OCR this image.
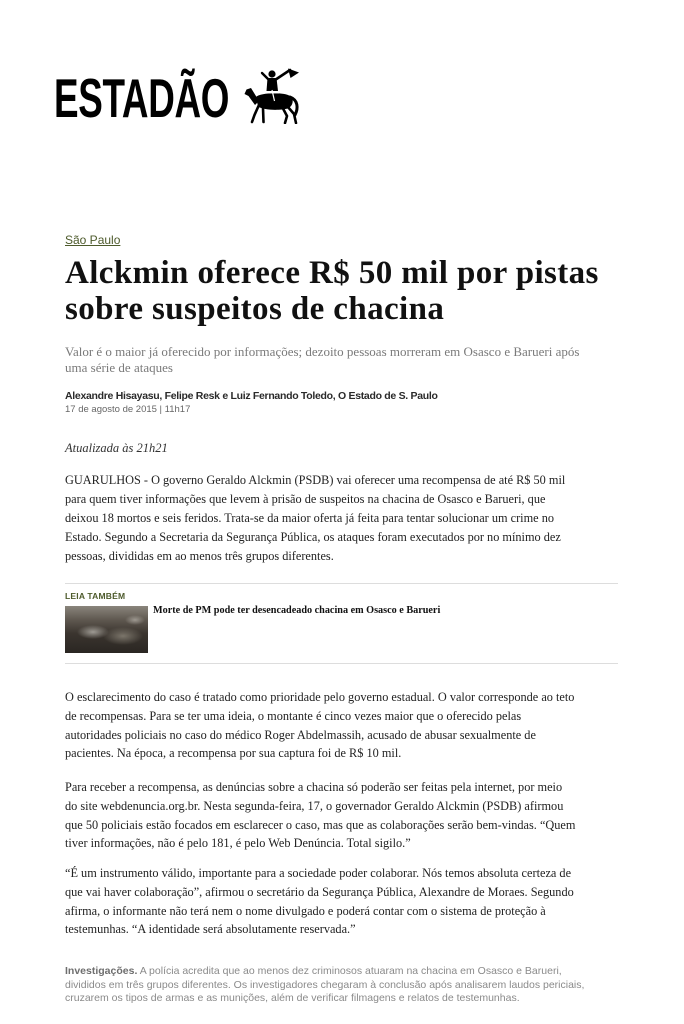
ESTADÃO
São Paulo
Alckmin oferece R$ 50 mil por pistas
sobre suspeitos de chacina
Valor é o maior já oferecido por informações; dezoito pessoas morreram em Osasco e Barueri após
uma série de ataques
Alexandre Hisayasu, Felipe Resk e Luiz Fernando Toledo, O Estado de S. Paulo
17 de agosto de 2015 | 11h17
Atualizada às 21h21
GUARULHOS - O governo Geraldo Alckmin (PSDB) vai oferecer uma recompensa de até R$ 50 mil
para quem tiver informações que levem à prisão de suspeitos na chacina de Osasco e Barueri, que
deixou 18 mortos e seis feridos. Trata-se da maior oferta já feita para tentar solucionar um crime no
Estado. Segundo a Secretaria da Segurança Pública, os ataques foram executados por no mínimo dez
pessoas, divididas em ao menos três grupos diferentes.
LEIA TAMBÉM
Morte de PM pode ter desencadeado chacina em Osasco e Barueri
O esclarecimento do caso é tratado como prioridade pelo governo estadual. O valor corresponde ao teto
de recompensas. Para se ter uma ideia, o montante é cinco vezes maior que o oferecido pelas
autoridades policiais no caso do médico Roger Abdelmassih, acusado de abusar sexualmente de
pacientes. Na época, a recompensa por sua captura foi de R$ 10 mil.
Para receber a recompensa, as denúncias sobre a chacina só poderão ser feitas pela internet, por meio
do site webdenuncia.org.br. Nesta segunda-feira, 17, o governador Geraldo Alckmin (PSDB) afirmou
que 50 policiais estão focados em esclarecer o caso, mas que as colaborações serão bem-vindas. “Quem
tiver informações, não é pelo 181, é pelo Web Denúncia. Total sigilo.”
“É um instrumento válido, importante para a sociedade poder colaborar. Nós temos absoluta certeza de
que vai haver colaboração”, afirmou o secretário da Segurança Pública, Alexandre de Moraes. Segundo
afirma, o informante não terá nem o nome divulgado e poderá contar com o sistema de proteção à
testemunhas. “A identidade será absolutamente reservada.”
Investigações. A polícia acredita que ao menos dez criminosos atuaram na chacina em Osasco e Barueri,
divididos em três grupos diferentes. Os investigadores chegaram à conclusão após analisarem laudos periciais,
cruzarem os tipos de armas e as munições, além de verificar filmagens e relatos de testemunhas.
